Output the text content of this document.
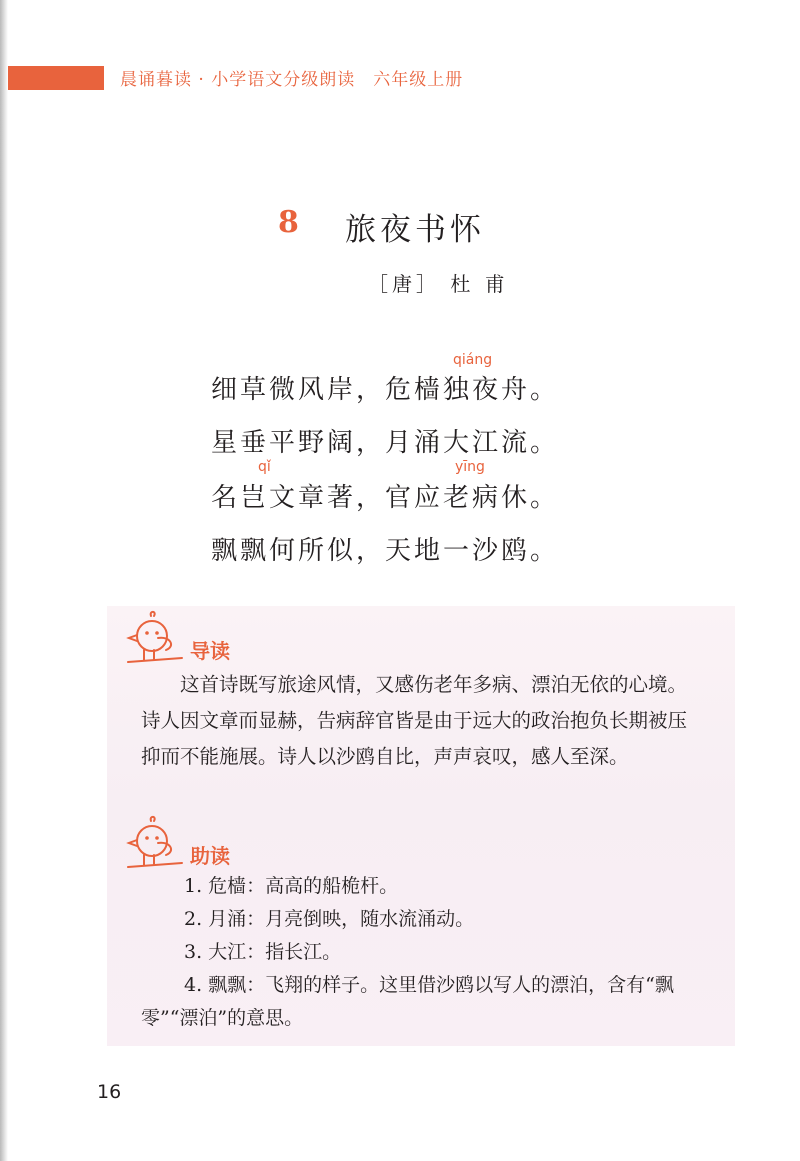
晨诵暮读 · 小学语文分级朗读　六年级上册
8 旅夜书怀
［唐］ 杜 甫
qiáng
细草微风岸，危樯独夜舟。
星垂平野阔，月涌大江流。
qǐ	yīng
名岂文章著，官应老病休。
飘飘何所似，天地一沙鸥。
导读

这首诗既写旅途风情，又感伤老年多病、漂泊无依的心境。诗人因文章而显赫，告病辞官皆是由于远大的政治抱负长期被压抑而不能施展。诗人以沙鸥自比，声声哀叹，感人至深。

助读

1. 危樯：高高的船桅杆。

2. 月涌：月亮倒映，随水流涌动。

3. 大江：指长江。

4. 飘飘：飞翔的样子。这里借沙鸥以写人的漂泊，含有“飘零”“漂泊”的意思。

16
